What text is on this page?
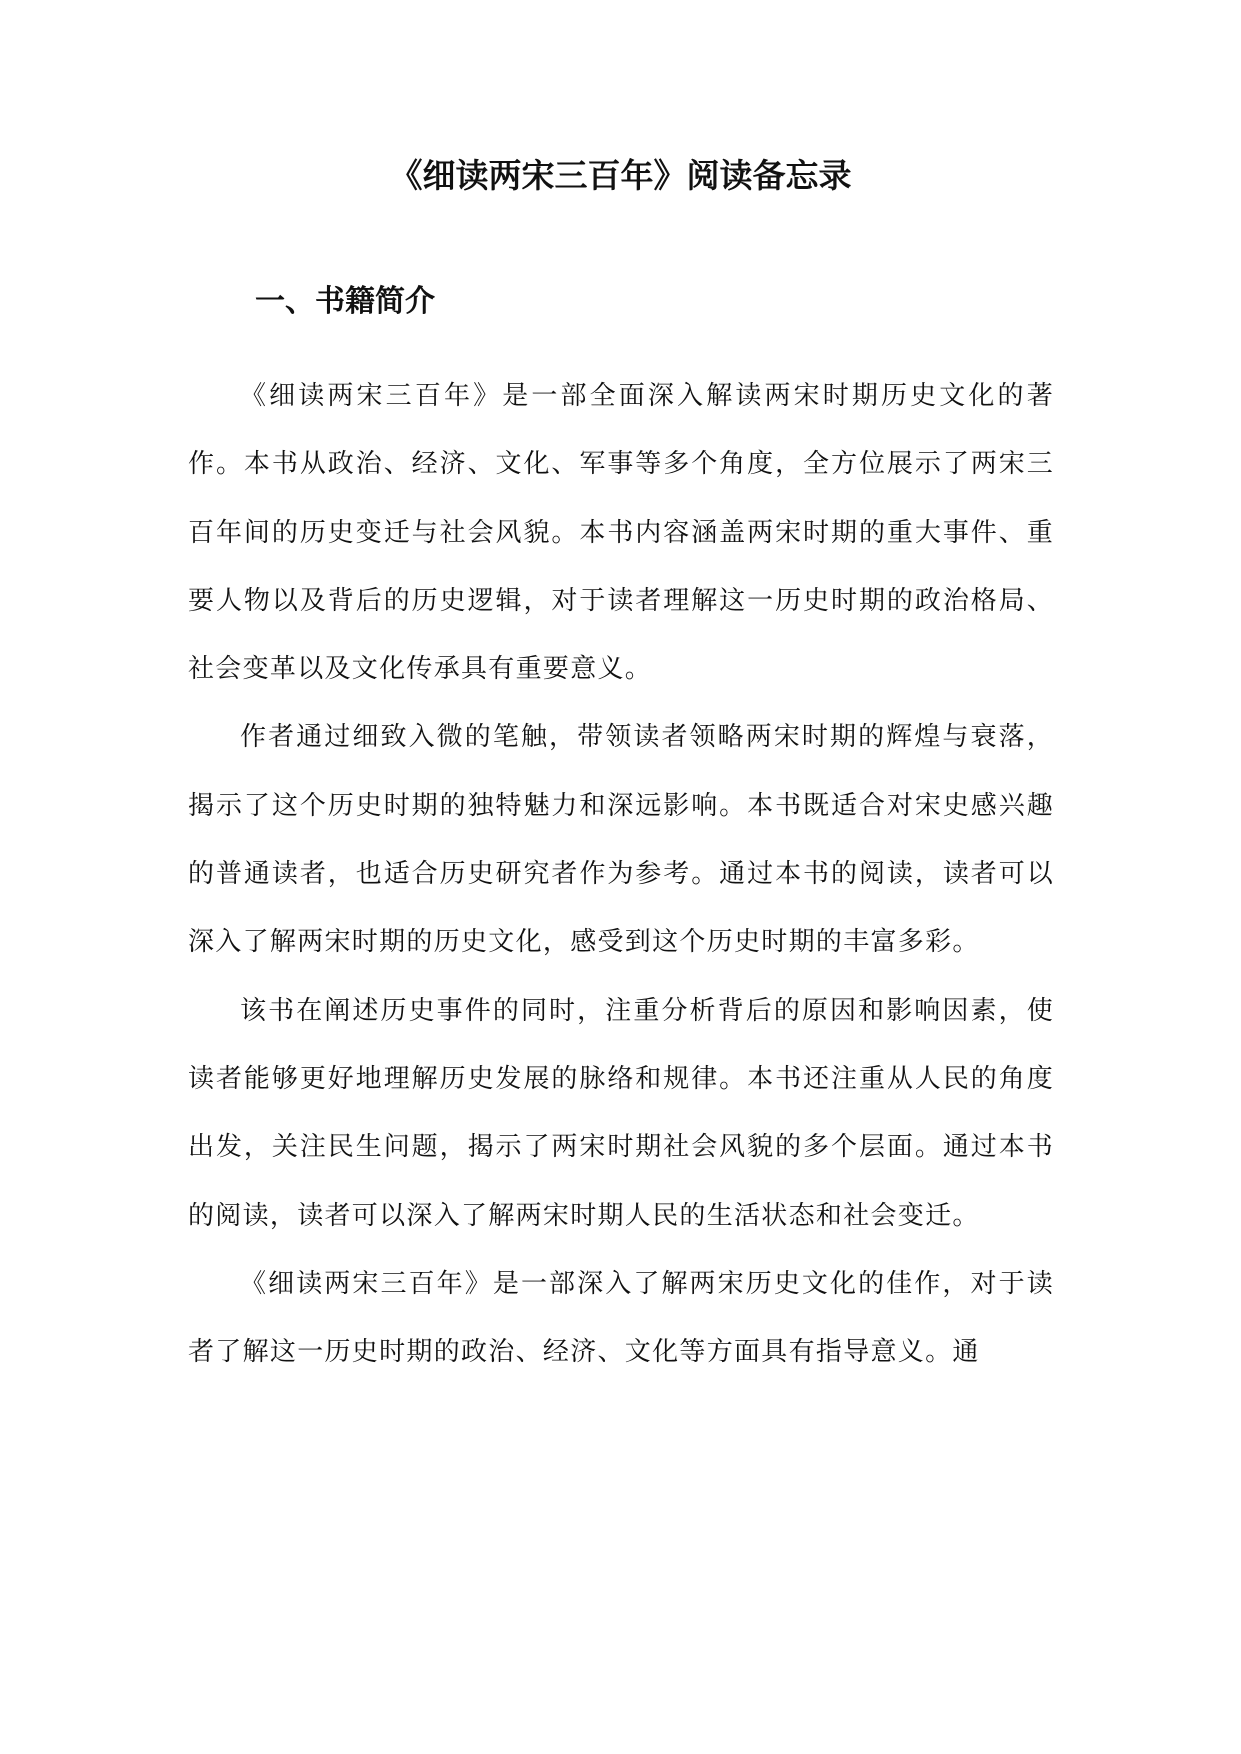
《细读两宋三百年》阅读备忘录
一、书籍简介

《细读两宋三百年》是一部全面深入解读两宋时期历史文化的著作。本书从政治、经济、文化、军事等多个角度，全方位展示了两宋三百年间的历史变迁与社会风貌。本书内容涵盖两宋时期的重大事件、重要人物以及背后的历史逻辑，对于读者理解这一历史时期的政治格局、社会变革以及文化传承具有重要意义。

作者通过细致入微的笔触，带领读者领略两宋时期的辉煌与衰落，揭示了这个历史时期的独特魅力和深远影响。本书既适合对宋史感兴趣的普通读者，也适合历史研究者作为参考。通过本书的阅读，读者可以深入了解两宋时期的历史文化，感受到这个历史时期的丰富多彩。

该书在阐述历史事件的同时，注重分析背后的原因和影响因素，使读者能够更好地理解历史发展的脉络和规律。本书还注重从人民的角度出发，关注民生问题，揭示了两宋时期社会风貌的多个层面。通过本书的阅读，读者可以深入了解两宋时期人民的生活状态和社会变迁。

《细读两宋三百年》是一部深入了解两宋历史文化的佳作，对于读者了解这一历史时期的政治、经济、文化等方面具有指导意义。通
